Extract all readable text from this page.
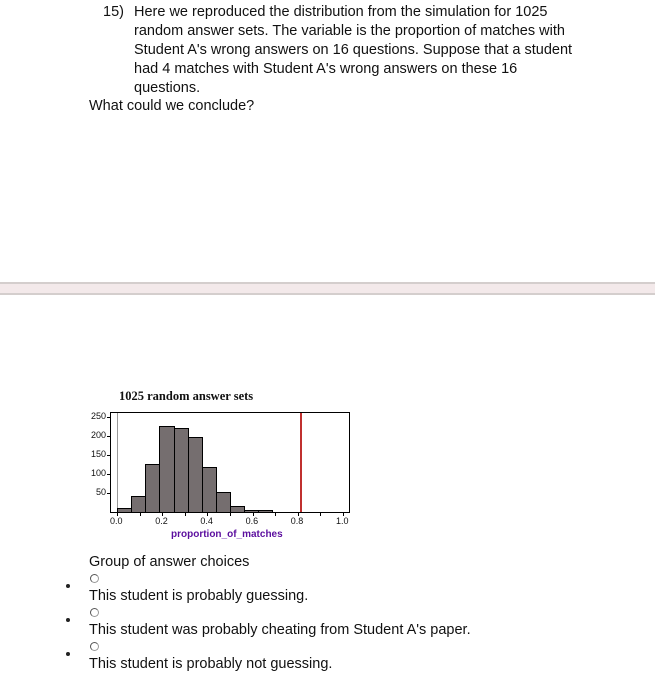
15) Here we reproduced the distribution from the simulation for 1025
random answer sets. The variable is the proportion of matches with
Student A's wrong answers on 16 questions. Suppose that a student
had 4 matches with Student A's wrong answers on these 16
questions.
What could we conclude?
1025 random answer sets
50
100
150
200
250
0.0	0.2	0.4	0.6	0.8	1.0
proportion_of_matches
Group of answer choices
This student is probably guessing.
This student was probably cheating from Student A's paper.
This student is probably not guessing.
